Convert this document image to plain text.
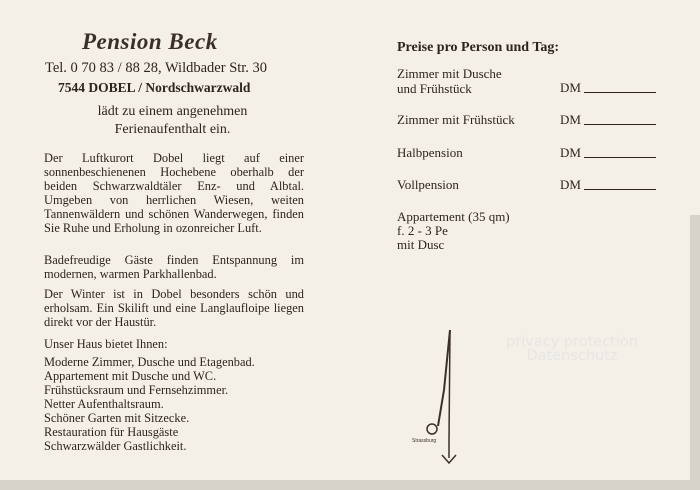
Pension Beck
Tel. 0 70 83 / 88 28, Wildbader Str. 30
7544 DOBEL / Nordschwarzwald
lädt zu einem angenehmen
Ferienaufenthalt ein.
Der Luftkurort Dobel liegt auf einer sonnenbeschienenen Hochebene oberhalb der beiden Schwarzwaldtäler Enz- und Albtal. Umgeben von herrlichen Wiesen, weiten Tannenwäldern und schönen Wanderwegen, finden Sie Ruhe und Erholung in ozonreicher Luft.
Badefreudige Gäste finden Entspannung im modernen, warmen Parkhallenbad.
Der Winter ist in Dobel besonders schön und erholsam. Ein Skilift und eine Langlaufloipe liegen direkt vor der Haustür.
Unser Haus bietet Ihnen:
Moderne Zimmer, Dusche und Etagenbad.
Appartement mit Dusche und WC.
Frühstücksraum und Fernsehzimmer.
Netter Aufenthaltsraum.
Schöner Garten mit Sitzecke.
Restauration für Hausgäste
Schwarzwälder Gastlichkeit.
Preise pro Person und Tag:
Zimmer mit Dusche
und Frühstück	DM
Zimmer mit Frühstück	DM
Halbpension	DM
Vollpension	DM
Appartement (35 qm)
f. 2 - 3 Pe
mit Dusc
Strassburg
privacy protection
Datenschutz
